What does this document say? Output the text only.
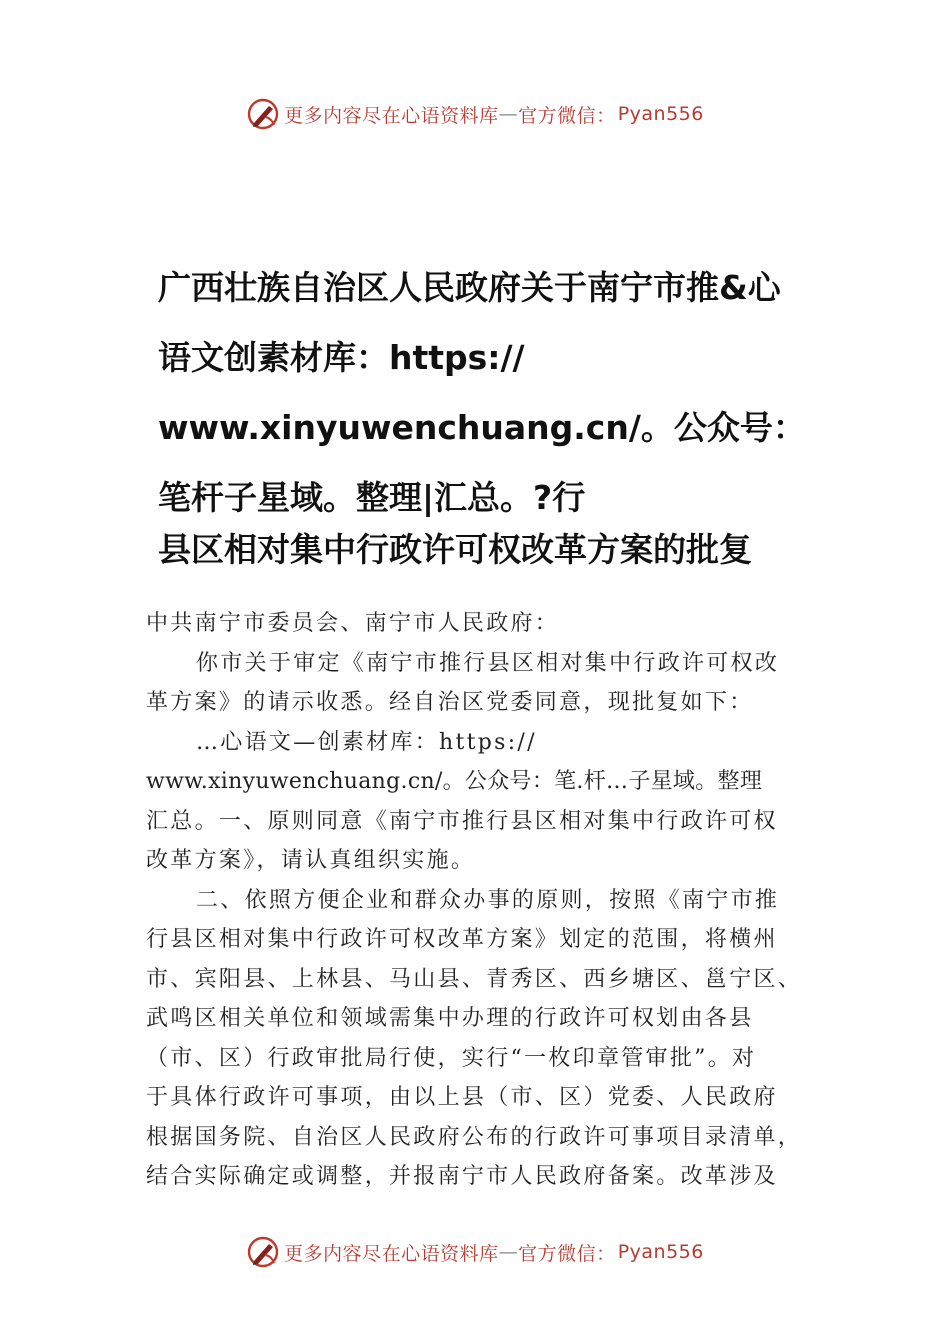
更多内容尽在心语资料库 — 官方微信： Pyan556
广西壮族自治区人民政府关于南宁市推&心
语文创素材库：https://
www.xinyuwenchuang.cn/。公众号：
笔杆子星域。整理|汇总。?行
县区相对集中行政许可权改革方案的批复
中共南宁市委员会、南宁市人民政府：
你市关于审定《南宁市推行县区相对集中行政许可权改
革方案》的请示收悉。经自治区党委同意，现批复如下：
…心语文—创素材库：https://
www.xinyuwenchuang.cn/。公众号：笔.杆…子星域。整理
汇总。一、原则同意《南宁市推行县区相对集中行政许可权
改革方案》，请认真组织实施。
二、依照方便企业和群众办事的原则，按照《南宁市推
行县区相对集中行政许可权改革方案》划定的范围，将横州
市、宾阳县、上林县、马山县、青秀区、西乡塘区、邕宁区、
武鸣区相关单位和领域需集中办理的行政许可权划由各县
（市、区）行政审批局行使，实行“一枚印章管审批”。对
于具体行政许可事项，由以上县（市、区）党委、人民政府
根据国务院、自治区人民政府公布的行政许可事项目录清单，
结合实际确定或调整，并报南宁市人民政府备案。改革涉及
更多内容尽在心语资料库 — 官方微信： Pyan556
